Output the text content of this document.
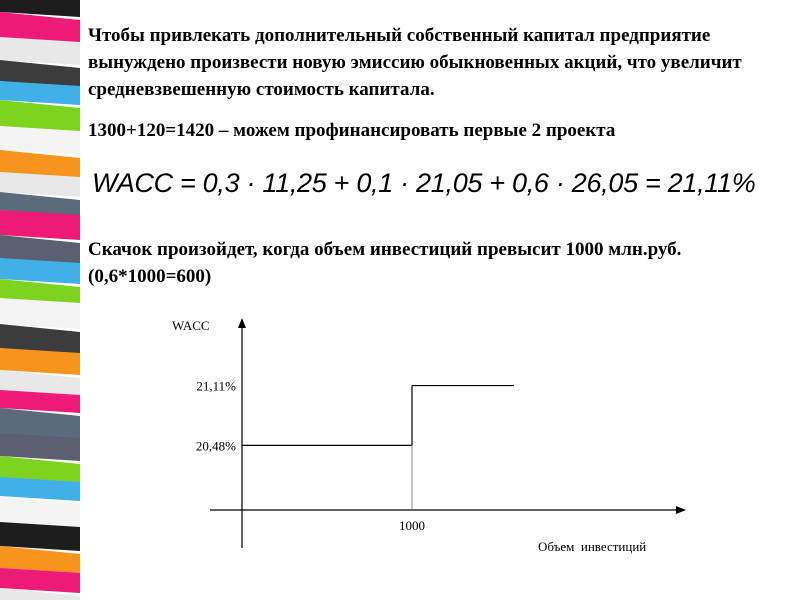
Чтобы привлекать дополнительный собственный капитал предприятие вынуждено произвести новую эмиссию обыкновенных акций, что увеличит средневзвешенную стоимость капитала.
1300+120=1420 – можем профинансировать первые 2 проекта
WACC = 0,3 · 11,25 + 0,1 · 21,05 + 0,6 · 26,05 = 21,11%
Скачок произойдет, когда объем инвестиций превысит 1000 млн.руб. (0,6*1000=600)
WACC
21,11%
20,48%
1000
Объем  инвестиций
